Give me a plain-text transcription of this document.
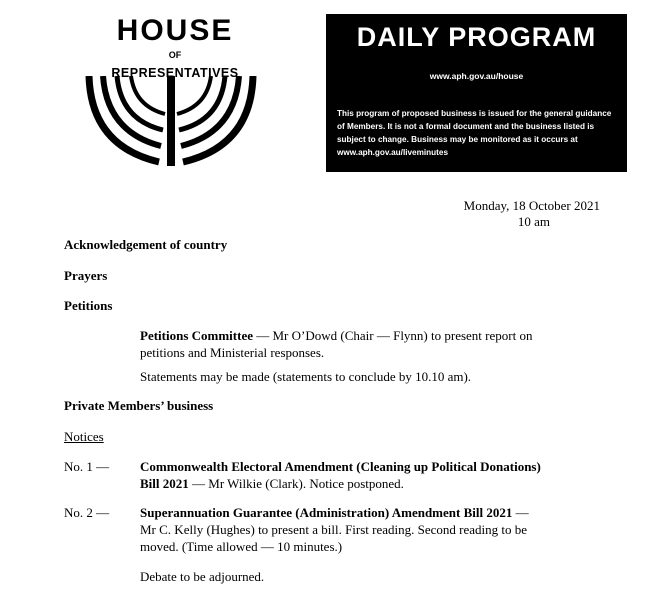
HOUSE
OF
REPRESENTATIVES
DAILY PROGRAM
www.aph.gov.au/house
This program of proposed business is issued for the general guidance of Members. It is not a formal document and the business listed is subject to change. Business may be monitored as it occurs at www.aph.gov.au/liveminutes
Monday, 18 October 2021
10 am
Acknowledgement of country
Prayers
Petitions
Petitions Committee — Mr O’Dowd (Chair — Flynn) to present report on
petitions and Ministerial responses.
Statements may be made (statements to conclude by 10.10 am).
Private Members’ business
Notices
No. 1 — Commonwealth Electoral Amendment (Cleaning up Political Donations)
Bill 2021 — Mr Wilkie (Clark). Notice postponed.
No. 2 — Superannuation Guarantee (Administration) Amendment Bill 2021 —
Mr C. Kelly (Hughes) to present a bill. First reading. Second reading to be
moved. (Time allowed — 10 minutes.)
Debate to be adjourned.
